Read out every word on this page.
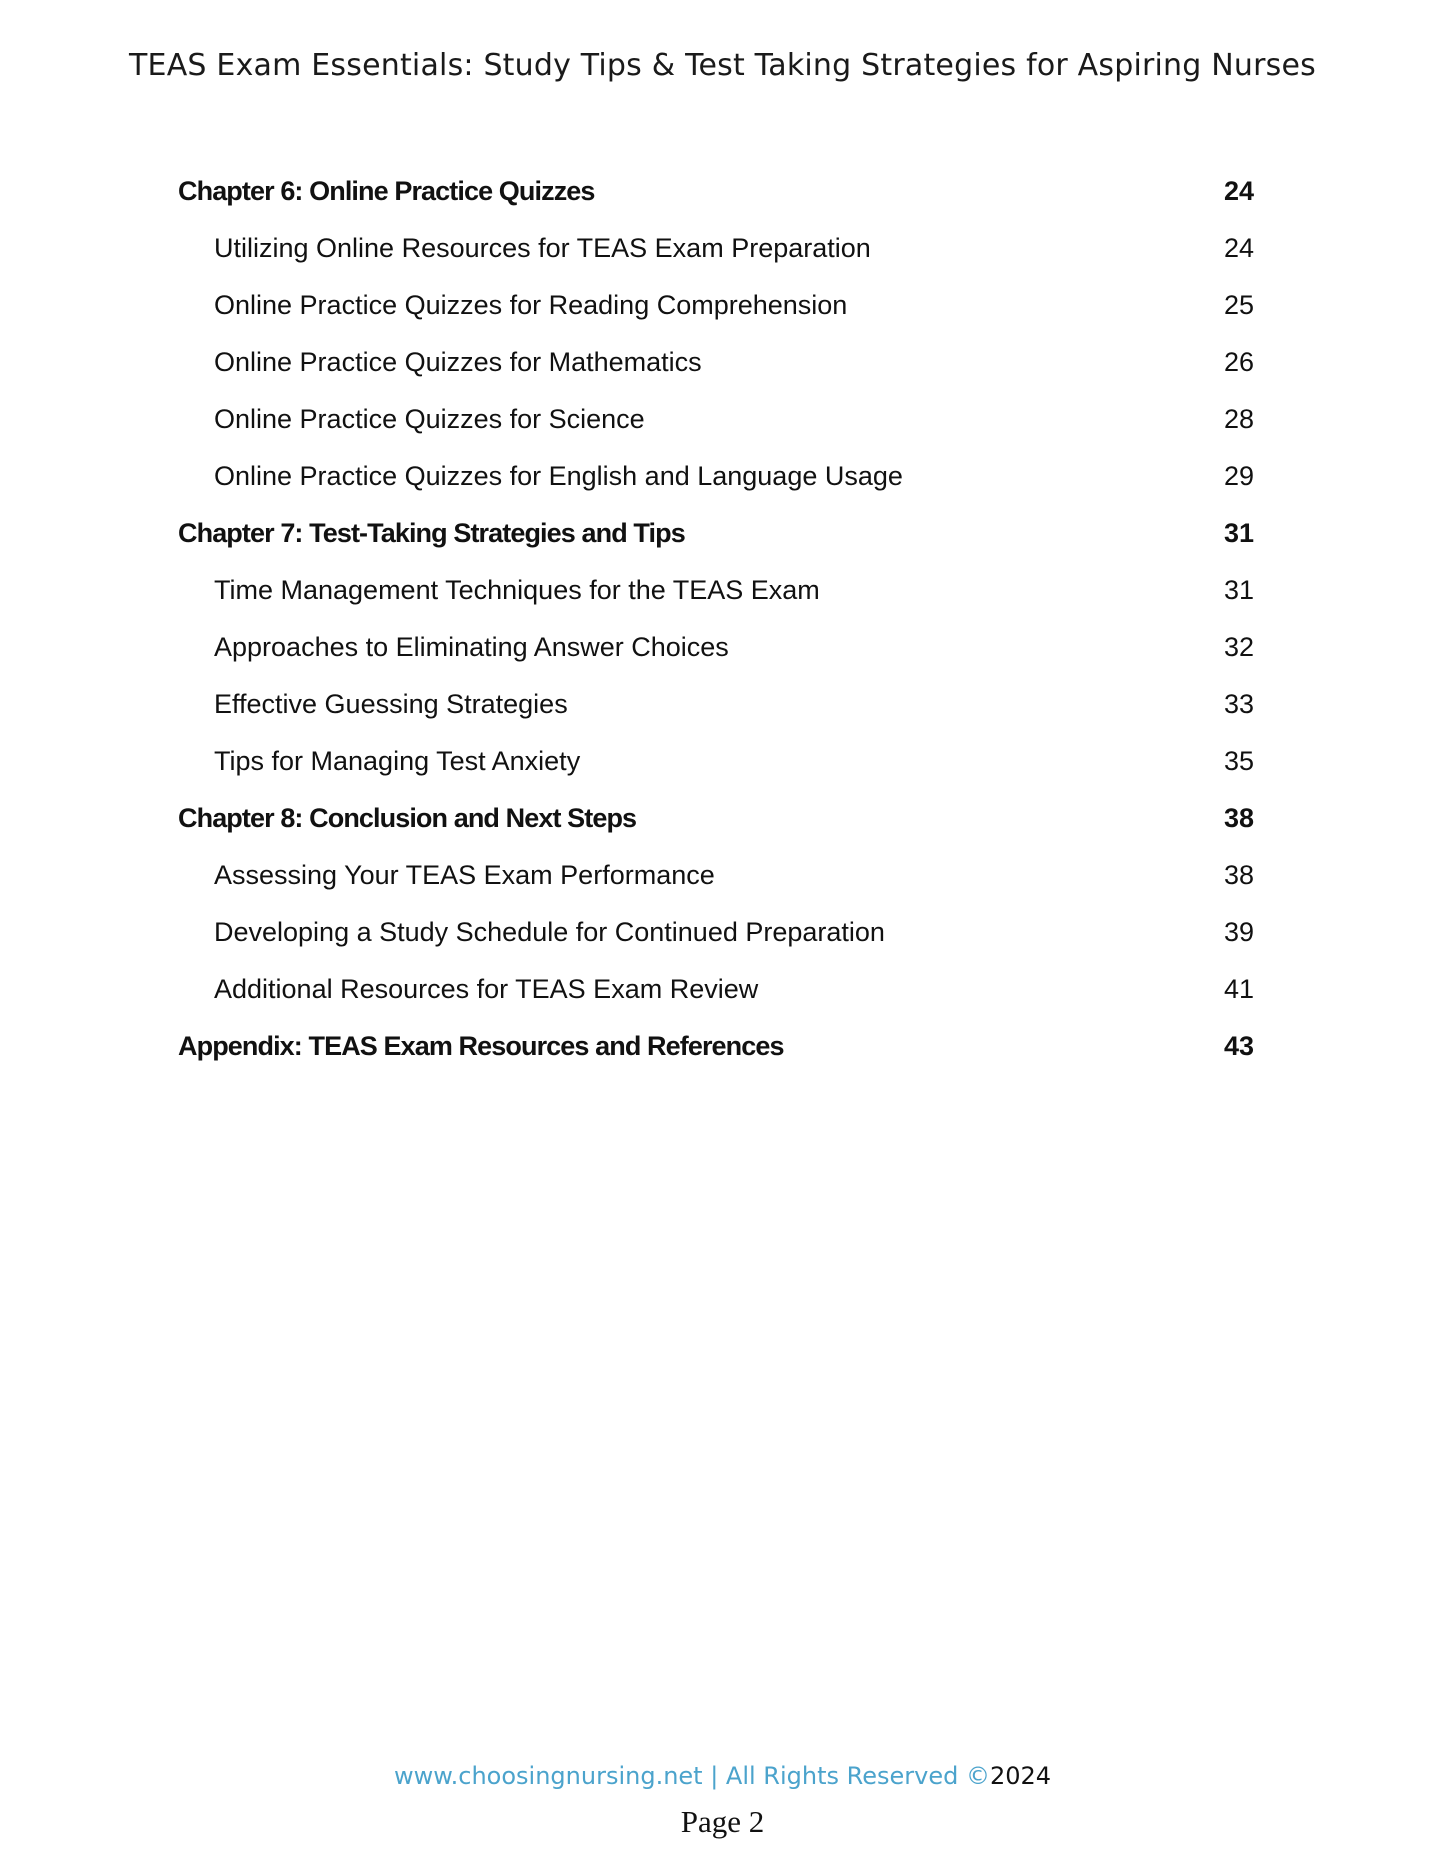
TEAS Exam Essentials: Study Tips & Test Taking Strategies for Aspiring Nurses
Chapter 6: Online Practice Quizzes	24
Utilizing Online Resources for TEAS Exam Preparation	24
Online Practice Quizzes for Reading Comprehension	25
Online Practice Quizzes for Mathematics	26
Online Practice Quizzes for Science	28
Online Practice Quizzes for English and Language Usage	29
Chapter 7: Test-Taking Strategies and Tips	31
Time Management Techniques for the TEAS Exam	31
Approaches to Eliminating Answer Choices	32
Effective Guessing Strategies	33
Tips for Managing Test Anxiety	35
Chapter 8: Conclusion and Next Steps	38
Assessing Your TEAS Exam Performance	38
Developing a Study Schedule for Continued Preparation	39
Additional Resources for TEAS Exam Review	41
Appendix: TEAS Exam Resources and References	43
www.choosingnursing.net | All Rights Reserved ©2024
Page 2
